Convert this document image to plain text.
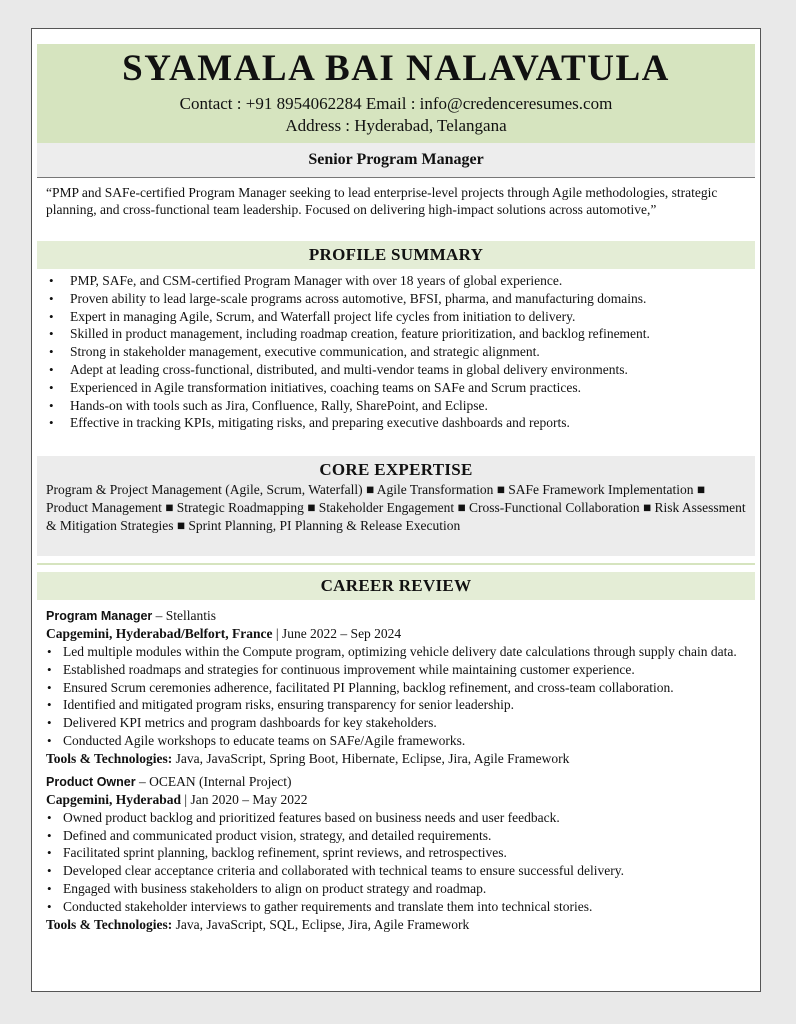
SYAMALA BAI NALAVATULA
Contact : +91 8954062284 Email : info@credenceresumes.com
Address : Hyderabad, Telangana
Senior Program Manager
“PMP and SAFe-certified Program Manager seeking to lead enterprise-level projects through Agile methodologies, strategic planning, and cross-functional team leadership. Focused on delivering high-impact solutions across automotive,”
PROFILE SUMMARY
• PMP, SAFe, and CSM-certified Program Manager with over 18 years of global experience.
• Proven ability to lead large-scale programs across automotive, BFSI, pharma, and manufacturing domains.
• Expert in managing Agile, Scrum, and Waterfall project life cycles from initiation to delivery.
• Skilled in product management, including roadmap creation, feature prioritization, and backlog refinement.
• Strong in stakeholder management, executive communication, and strategic alignment.
• Adept at leading cross-functional, distributed, and multi-vendor teams in global delivery environments.
• Experienced in Agile transformation initiatives, coaching teams on SAFe and Scrum practices.
• Hands-on with tools such as Jira, Confluence, Rally, SharePoint, and Eclipse.
• Effective in tracking KPIs, mitigating risks, and preparing executive dashboards and reports.
CORE EXPERTISE
Program & Project Management (Agile, Scrum, Waterfall) ■ Agile Transformation ■ SAFe Framework Implementation ■ Product Management ■ Strategic Roadmapping ■ Stakeholder Engagement ■ Cross-Functional Collaboration ■ Risk Assessment & Mitigation Strategies ■ Sprint Planning, PI Planning & Release Execution
CAREER REVIEW
Program Manager – Stellantis
Capgemini, Hyderabad/Belfort, France | June 2022 – Sep 2024
• Led multiple modules within the Compute program, optimizing vehicle delivery date calculations through supply chain data.
• Established roadmaps and strategies for continuous improvement while maintaining customer experience.
• Ensured Scrum ceremonies adherence, facilitated PI Planning, backlog refinement, and cross-team collaboration.
• Identified and mitigated program risks, ensuring transparency for senior leadership.
• Delivered KPI metrics and program dashboards for key stakeholders.
• Conducted Agile workshops to educate teams on SAFe/Agile frameworks.
Tools & Technologies: Java, JavaScript, Spring Boot, Hibernate, Eclipse, Jira, Agile Framework
Product Owner – OCEAN (Internal Project)
Capgemini, Hyderabad | Jan 2020 – May 2022
• Owned product backlog and prioritized features based on business needs and user feedback.
• Defined and communicated product vision, strategy, and detailed requirements.
• Facilitated sprint planning, backlog refinement, sprint reviews, and retrospectives.
• Developed clear acceptance criteria and collaborated with technical teams to ensure successful delivery.
• Engaged with business stakeholders to align on product strategy and roadmap.
• Conducted stakeholder interviews to gather requirements and translate them into technical stories.
Tools & Technologies: Java, JavaScript, SQL, Eclipse, Jira, Agile Framework
